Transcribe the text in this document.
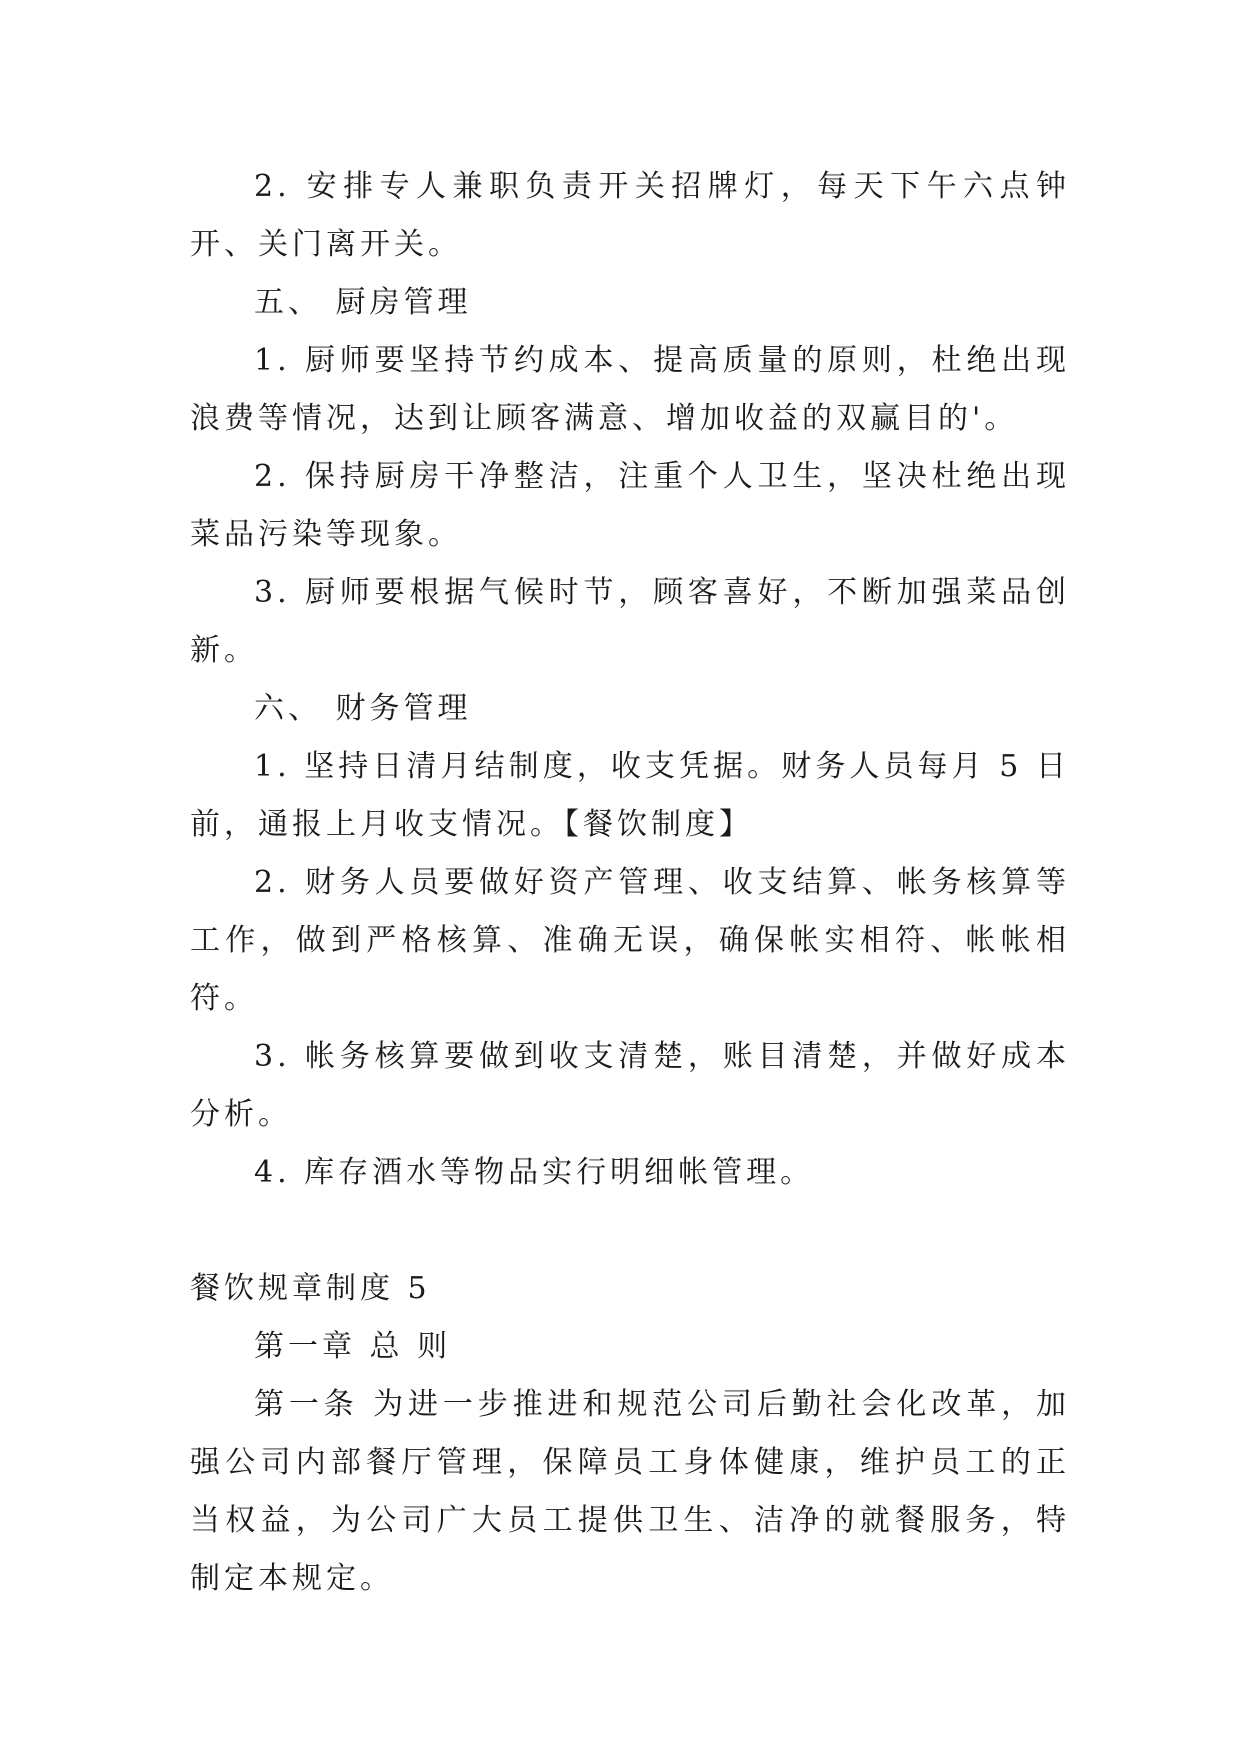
2. 安排专人兼职负责开关招牌灯，每天下午六点钟开、关门离开关。

五、 厨房管理

1. 厨师要坚持节约成本、提高质量的原则，杜绝出现浪费等情况，达到让顾客满意、增加收益的双赢目的'。

2. 保持厨房干净整洁，注重个人卫生，坚决杜绝出现菜品污染等现象。

3. 厨师要根据气候时节，顾客喜好，不断加强菜品创新。

六、 财务管理

1. 坚持日清月结制度，收支凭据。财务人员每月 5 日前，通报上月收支情况。【餐饮制度】

2. 财务人员要做好资产管理、收支结算、帐务核算等工作，做到严格核算、准确无误，确保帐实相符、帐帐相符。

3. 帐务核算要做到收支清楚，账目清楚，并做好成本分析。

4. 库存酒水等物品实行明细帐管理。

餐饮规章制度 5

第一章 总 则

第一条 为进一步推进和规范公司后勤社会化改革，加强公司内部餐厅管理，保障员工身体健康，维护员工的正当权益，为公司广大员工提供卫生、洁净的就餐服务，特制定本规定。
